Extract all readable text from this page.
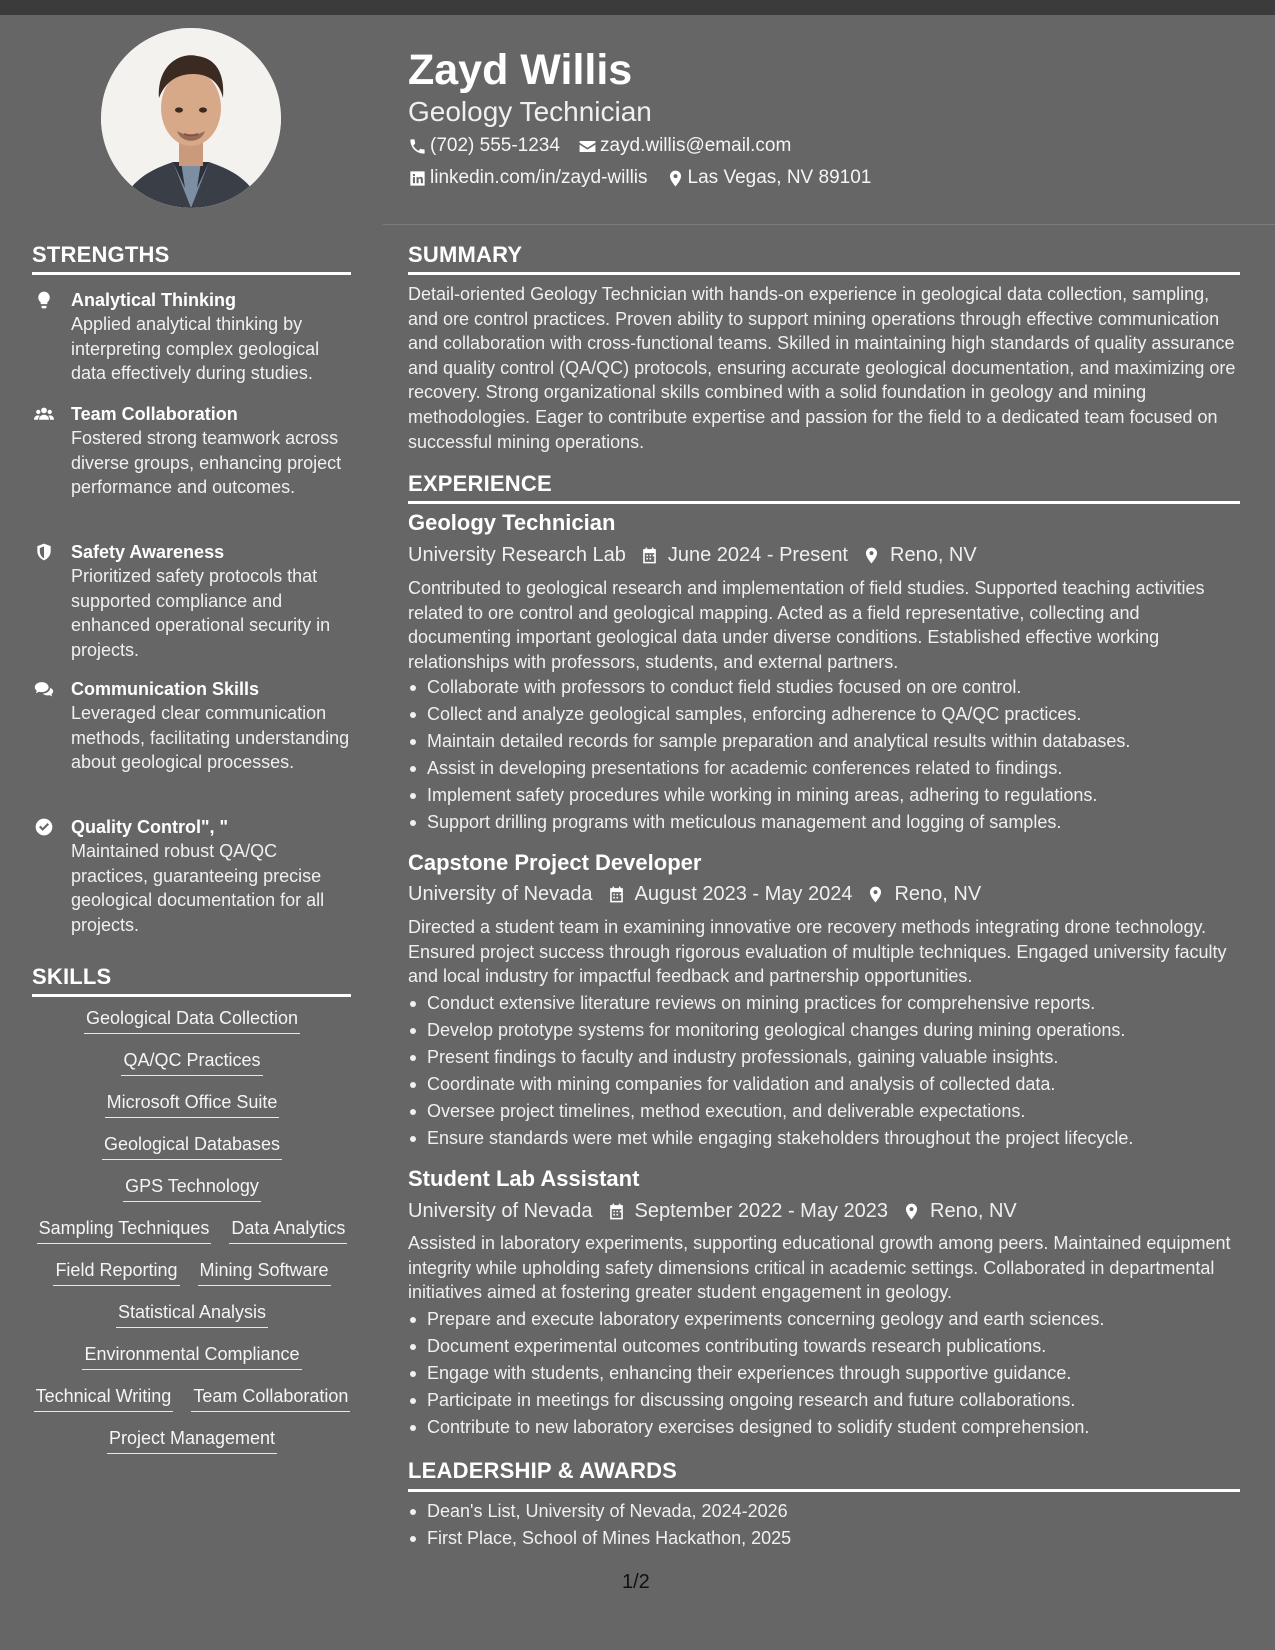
Zayd Willis
Geology Technician
(702) 555-1234 zayd.willis@email.com
linkedin.com/in/zayd-willis Las Vegas, NV 89101
STRENGTHS
Analytical Thinking
Applied analytical thinking by interpreting complex geological data effectively during studies.
Team Collaboration
Fostered strong teamwork across diverse groups, enhancing project performance and outcomes.
Safety Awareness
Prioritized safety protocols that supported compliance and enhanced operational security in projects.
Communication Skills
Leveraged clear communication methods, facilitating understanding about geological processes.
Quality Control", "
Maintained robust QA/QC practices, guaranteeing precise geological documentation for all projects.
SKILLS
Geological Data Collection
QA/QC Practices
Microsoft Office Suite
Geological Databases
GPS Technology
Sampling Techniques Data Analytics
Field Reporting Mining Software
Statistical Analysis
Environmental Compliance
Technical Writing Team Collaboration
Project Management
SUMMARY
Detail-oriented Geology Technician with hands-on experience in geological data collection, sampling, and ore control practices. Proven ability to support mining operations through effective communication and collaboration with cross-functional teams. Skilled in maintaining high standards of quality assurance and quality control (QA/QC) protocols, ensuring accurate geological documentation, and maximizing ore recovery. Strong organizational skills combined with a solid foundation in geology and mining methodologies. Eager to contribute expertise and passion for the field to a dedicated team focused on successful mining operations.
EXPERIENCE
Geology Technician
University Research Lab June 2024 - Present Reno, NV
Contributed to geological research and implementation of field studies. Supported teaching activities related to ore control and geological mapping. Acted as a field representative, collecting and documenting important geological data under diverse conditions. Established effective working relationships with professors, students, and external partners.
Collaborate with professors to conduct field studies focused on ore control.
Collect and analyze geological samples, enforcing adherence to QA/QC practices.
Maintain detailed records for sample preparation and analytical results within databases.
Assist in developing presentations for academic conferences related to findings.
Implement safety procedures while working in mining areas, adhering to regulations.
Support drilling programs with meticulous management and logging of samples.
Capstone Project Developer
University of Nevada August 2023 - May 2024 Reno, NV
Directed a student team in examining innovative ore recovery methods integrating drone technology. Ensured project success through rigorous evaluation of multiple techniques. Engaged university faculty and local industry for impactful feedback and partnership opportunities.
Conduct extensive literature reviews on mining practices for comprehensive reports.
Develop prototype systems for monitoring geological changes during mining operations.
Present findings to faculty and industry professionals, gaining valuable insights.
Coordinate with mining companies for validation and analysis of collected data.
Oversee project timelines, method execution, and deliverable expectations.
Ensure standards were met while engaging stakeholders throughout the project lifecycle.
Student Lab Assistant
University of Nevada September 2022 - May 2023 Reno, NV
Assisted in laboratory experiments, supporting educational growth among peers. Maintained equipment integrity while upholding safety dimensions critical in academic settings. Collaborated in departmental initiatives aimed at fostering greater student engagement in geology.
Prepare and execute laboratory experiments concerning geology and earth sciences.
Document experimental outcomes contributing towards research publications.
Engage with students, enhancing their experiences through supportive guidance.
Participate in meetings for discussing ongoing research and future collaborations.
Contribute to new laboratory exercises designed to solidify student comprehension.
LEADERSHIP & AWARDS
Dean's List, University of Nevada, 2024-2026
First Place, School of Mines Hackathon, 2025
1/2
